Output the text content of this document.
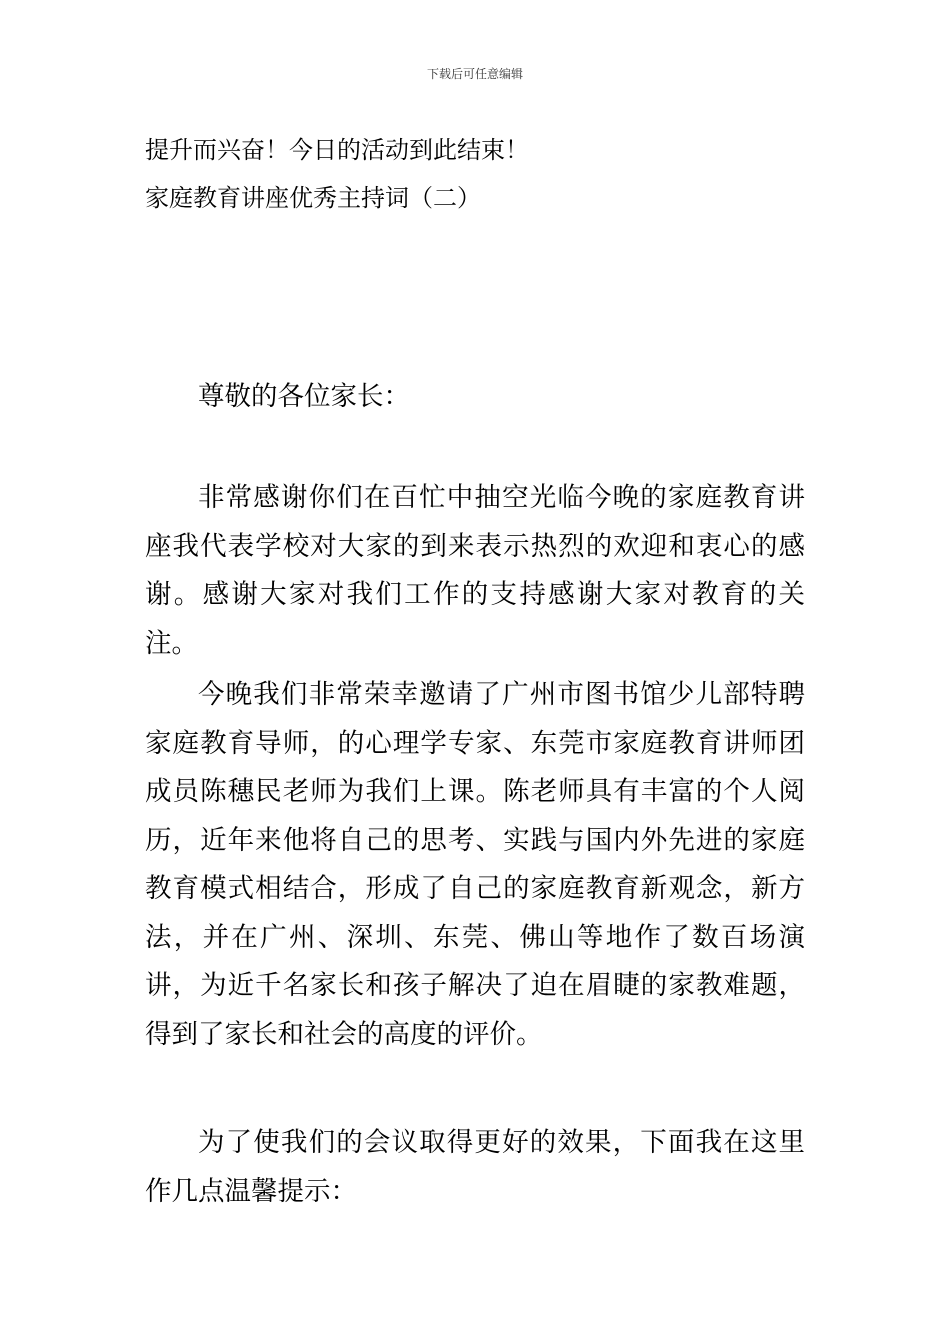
下载后可任意编辑

提升而兴奋！今日的活动到此结束！

家庭教育讲座优秀主持词（二）

尊敬的各位家长：

非常感谢你们在百忙中抽空光临今晚的家庭教育讲座我代表学校对大家的到来表示热烈的欢迎和衷心的感谢。感谢大家对我们工作的支持感谢大家对教育的关注。

今晚我们非常荣幸邀请了广州市图书馆少儿部特聘家庭教育导师，的心理学专家、东莞市家庭教育讲师团成员陈穗民老师为我们上课。陈老师具有丰富的个人阅历，近年来他将自己的思考、实践与国内外先进的家庭教育模式相结合，形成了自己的家庭教育新观念，新方法，并在广州、深圳、东莞、佛山等地作了数百场演讲，为近千名家长和孩子解决了迫在眉睫的家教难题，得到了家长和社会的高度的评价。

为了使我们的会议取得更好的效果，下面我在这里作几点温馨提示：
